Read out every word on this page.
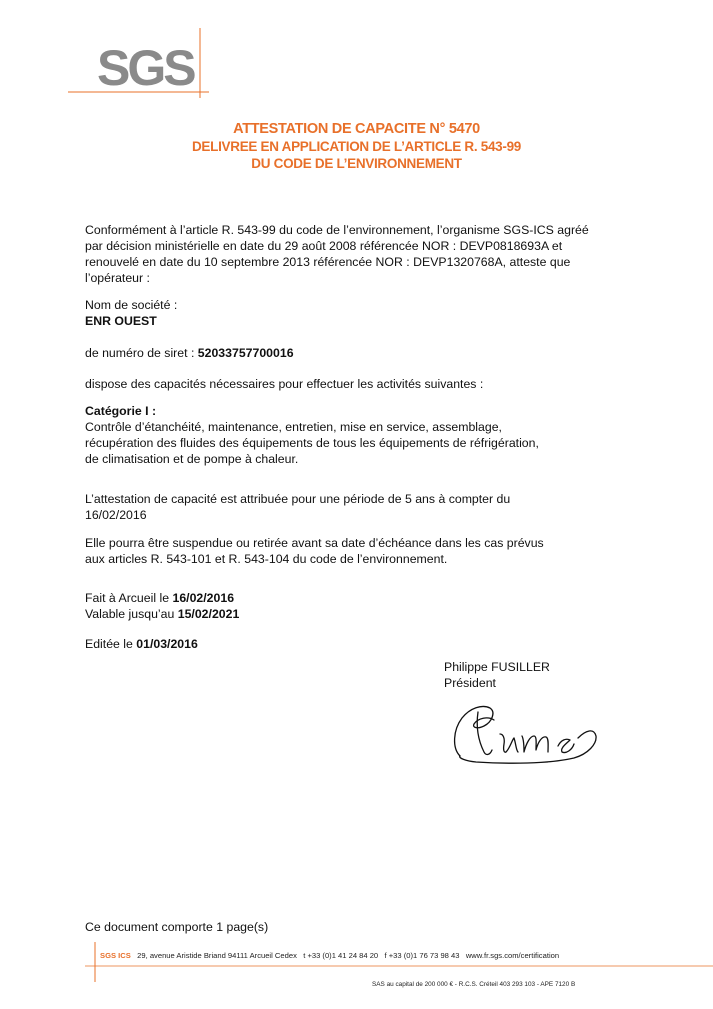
SGS
ATTESTATION DE CAPACITE N° 5470
DELIVREE EN APPLICATION DE L’ARTICLE R. 543-99
DU CODE DE L’ENVIRONNEMENT
Conformément à l’article R. 543-99 du code de l’environnement, l’organisme SGS-ICS agréé
par décision ministérielle en date du 29 août 2008 référencée NOR : DEVP0818693A et
renouvelé en date du 10 septembre 2013 référencée NOR : DEVP1320768A, atteste que
l’opérateur :
Nom de société :
ENR OUEST
de numéro de siret : 52033757700016
dispose des capacités nécessaires pour effectuer les activités suivantes :
Catégorie I :
Contrôle d’étanchéité, maintenance, entretien, mise en service, assemblage,
récupération des fluides des équipements de tous les équipements de réfrigération,
de climatisation et de pompe à chaleur.
L’attestation de capacité est attribuée pour une période de 5 ans à compter du
16/02/2016
Elle pourra être suspendue ou retirée avant sa date d’échéance dans les cas prévus
aux articles R. 543-101 et R. 543-104 du code de l’environnement.
Fait à Arcueil le 16/02/2016
Valable jusqu’au 15/02/2021
Editée le 01/03/2016
Philippe FUSILLER
Président
Ce document comporte 1 page(s)
SGS ICS 29, avenue Aristide Briand 94111 Arcueil Cedex t +33 (0)1 41 24 84 20 f +33 (0)1 76 73 98 43 www.fr.sgs.com/certification
SAS au capital de 200 000 € - R.C.S. Créteil 403 293 103 - APE 7120 B
